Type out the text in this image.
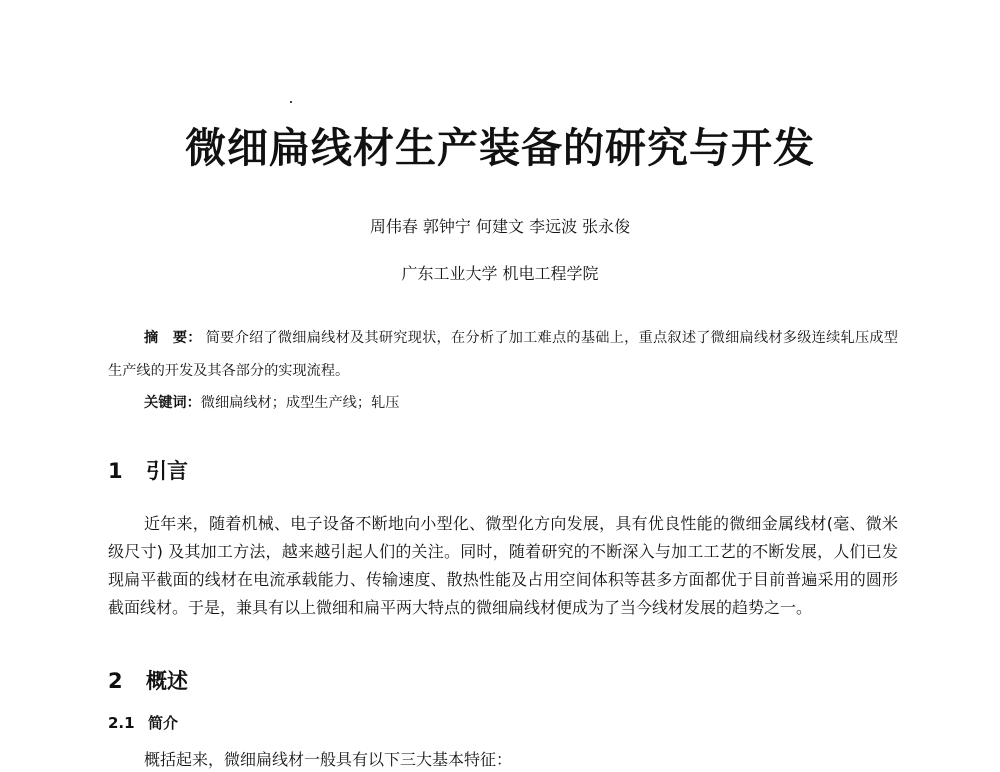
微细扁线材生产装备的研究与开发
周伟春 郭钟宁 何建文 李远波 张永俊
广东工业大学 机电工程学院
摘　要： 简要介绍了微细扁线材及其研究现状，在分析了加工难点的基础上，重点叙述了微细扁线材多级连续轧压成型生产线的开发及其各部分的实现流程。
关键词：微细扁线材；成型生产线；轧压
1 引言
近年来，随着机械、电子设备不断地向小型化、微型化方向发展，具有优良性能的微细金属线材(毫、微米级尺寸) 及其加工方法，越来越引起人们的关注。同时，随着研究的不断深入与加工工艺的不断发展，人们已发现扁平截面的线材在电流承载能力、传输速度、散热性能及占用空间体积等甚多方面都优于目前普遍采用的圆形截面线材。于是，兼具有以上微细和扁平两大特点的微细扁线材便成为了当今线材发展的趋势之一。
2 概述
2.1 简介
概括起来，微细扁线材一般具有以下三大基本特征：
